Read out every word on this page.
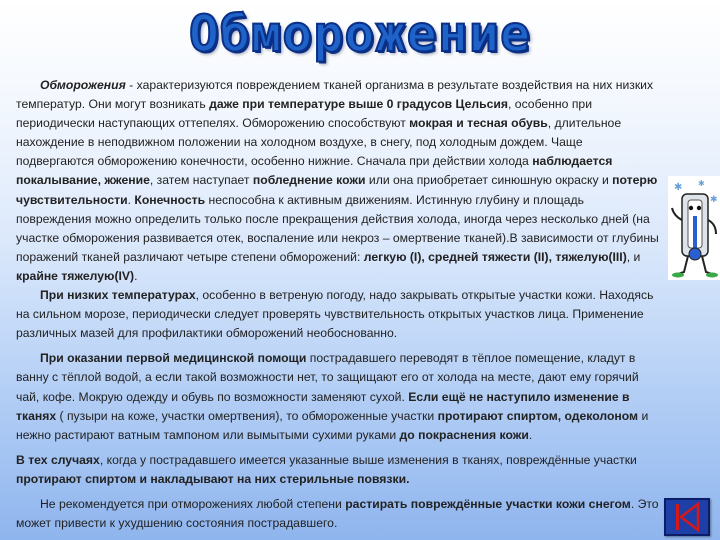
Обморожение

Обморожения - характеризуются повреждением тканей организма в результате воздействия на них низких температур. Они могут возникать даже при температуре выше 0 градусов Цельсия, особенно при периодически наступающих оттепелях. Обморожению способствуют мокрая и тесная обувь, длительное нахождение в неподвижном положении на холодном воздухе, в снегу, под холодным дождем. Чаще подвергаются обморожению конечности, особенно нижние. Сначала при действии холода наблюдается покалывание, жжение, затем наступает побледнение кожи или она приобретает синюшную окраску и потерю чувствительности. Конечность неспособна к активным движениям. Истинную глубину и площадь повреждения можно определить только после прекращения действия холода, иногда через несколько дней (на участке обморожения развивается отек, воспаление или некроз – омертвение тканей).В зависимости от глубины поражений тканей различают четыре степени обморожений: легкую (I), средней тяжести (II), тяжелую(III), и крайне тяжелую(IV).

При низких температурах, особенно в ветреную погоду, надо закрывать открытые участки кожи. Находясь на сильном морозе, периодически следует проверять чувствительность открытых участков лица. Применение различных мазей для профилактики обморожений необоснованно.

При оказании первой медицинской помощи пострадавшего переводят в тёплое помещение, кладут в ванну с тёплой водой, а если такой возможности нет, то защищают его от холода на месте, дают ему горячий чай, кофе. Мокрую одежду и обувь по возможности заменяют сухой. Если ещё не наступило изменение в тканях ( пузыри на коже, участки омертвения), то обмороженные участки протирают спиртом, одеколоном и нежно растирают ватным тампоном или вымытыми сухими руками до покраснения кожи.

В тех случаях, когда у пострадавшего имеется указанные выше изменения в тканях, повреждённые участки протирают спиртом и накладывают на них стерильные повязки.

Не рекомендуется при отморожениях любой степени растирать повреждённые участки кожи снегом. Это может привести к ухудшению состояния пострадавшего.

✱ ✱
✱
